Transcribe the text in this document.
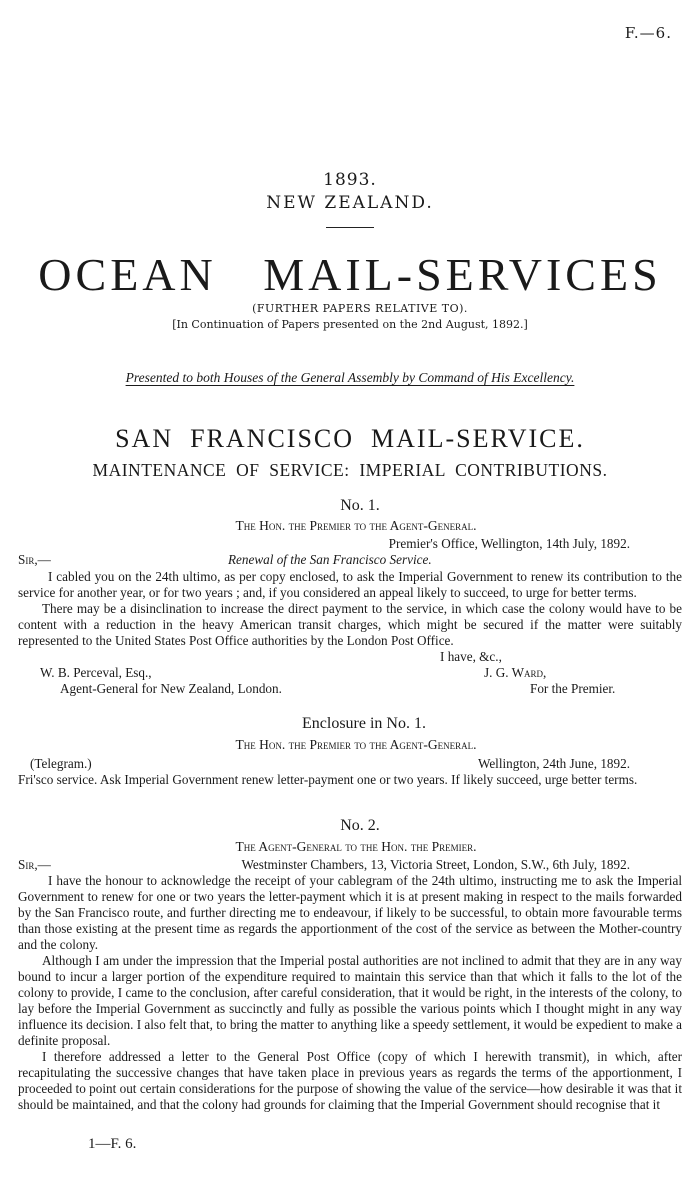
F.—6.
1893.
NEW ZEALAND.
OCEAN   MAIL-SERVICES
(FURTHER PAPERS RELATIVE TO).
[In Continuation of Papers presented on the 2nd August, 1892.]
Presented to both Houses of the General Assembly by Command of His Excellency.
SAN  FRANCISCO  MAIL-SERVICE.
MAINTENANCE  OF  SERVICE:  IMPERIAL  CONTRIBUTIONS.
No. 1.
The Hon. the Premier to the Agent-General.
Premier's Office, Wellington, 14th July, 1892.
Sir,—	Renewal of the San Francisco Service.

I cabled you on the 24th ultimo, as per copy enclosed, to ask the Imperial Government to renew its contribution to the service for another year, or for two years ; and, if you considered an appeal likely to succeed, to urge for better terms.

There may be a disinclination to increase the direct payment to the service, in which case the colony would have to be content with a reduction in the heavy American transit charges, which might be secured if the matter were suitably represented to the United States Post Office authorities by the London Post Office.

I have, &c.,
W. B. Perceval, Esq.,	J. G. Ward,
Agent-General for New Zealand, London.	For the Premier.
Enclosure in No. 1.
The Hon. the Premier to the Agent-General.
(Telegram.)	Wellington, 24th June, 1892.

Fri'sco service. Ask Imperial Government renew letter-payment one or two years. If likely succeed, urge better terms.

No. 2.
The Agent-General to the Hon. the Premier.
Sir,—	Westminster Chambers, 13, Victoria Street, London, S.W., 6th July, 1892.

I have the honour to acknowledge the receipt of your cablegram of the 24th ultimo, instructing me to ask the Imperial Government to renew for one or two years the letter-payment which it is at present making in respect to the mails forwarded by the San Francisco route, and further directing me to endeavour, if likely to be successful, to obtain more favourable terms than those existing at the present time as regards the apportionment of the cost of the service as between the Mother-country and the colony.

Although I am under the impression that the Imperial postal authorities are not inclined to admit that they are in any way bound to incur a larger portion of the expenditure required to maintain this service than that which it falls to the lot of the colony to provide, I came to the conclusion, after careful consideration, that it would be right, in the interests of the colony, to lay before the Imperial Government as succinctly and fully as possible the various points which I thought might in any way influence its decision. I also felt that, to bring the matter to anything like a speedy settlement, it would be expedient to make a definite proposal.

I therefore addressed a letter to the General Post Office (copy of which I herewith transmit), in which, after recapitulating the successive changes that have taken place in previous years as regards the terms of the apportionment, I proceeded to point out certain considerations for the purpose of showing the value of the service—how desirable it was that it should be maintained, and that the colony had grounds for claiming that the Imperial Government should recognise that it

1—F. 6.
